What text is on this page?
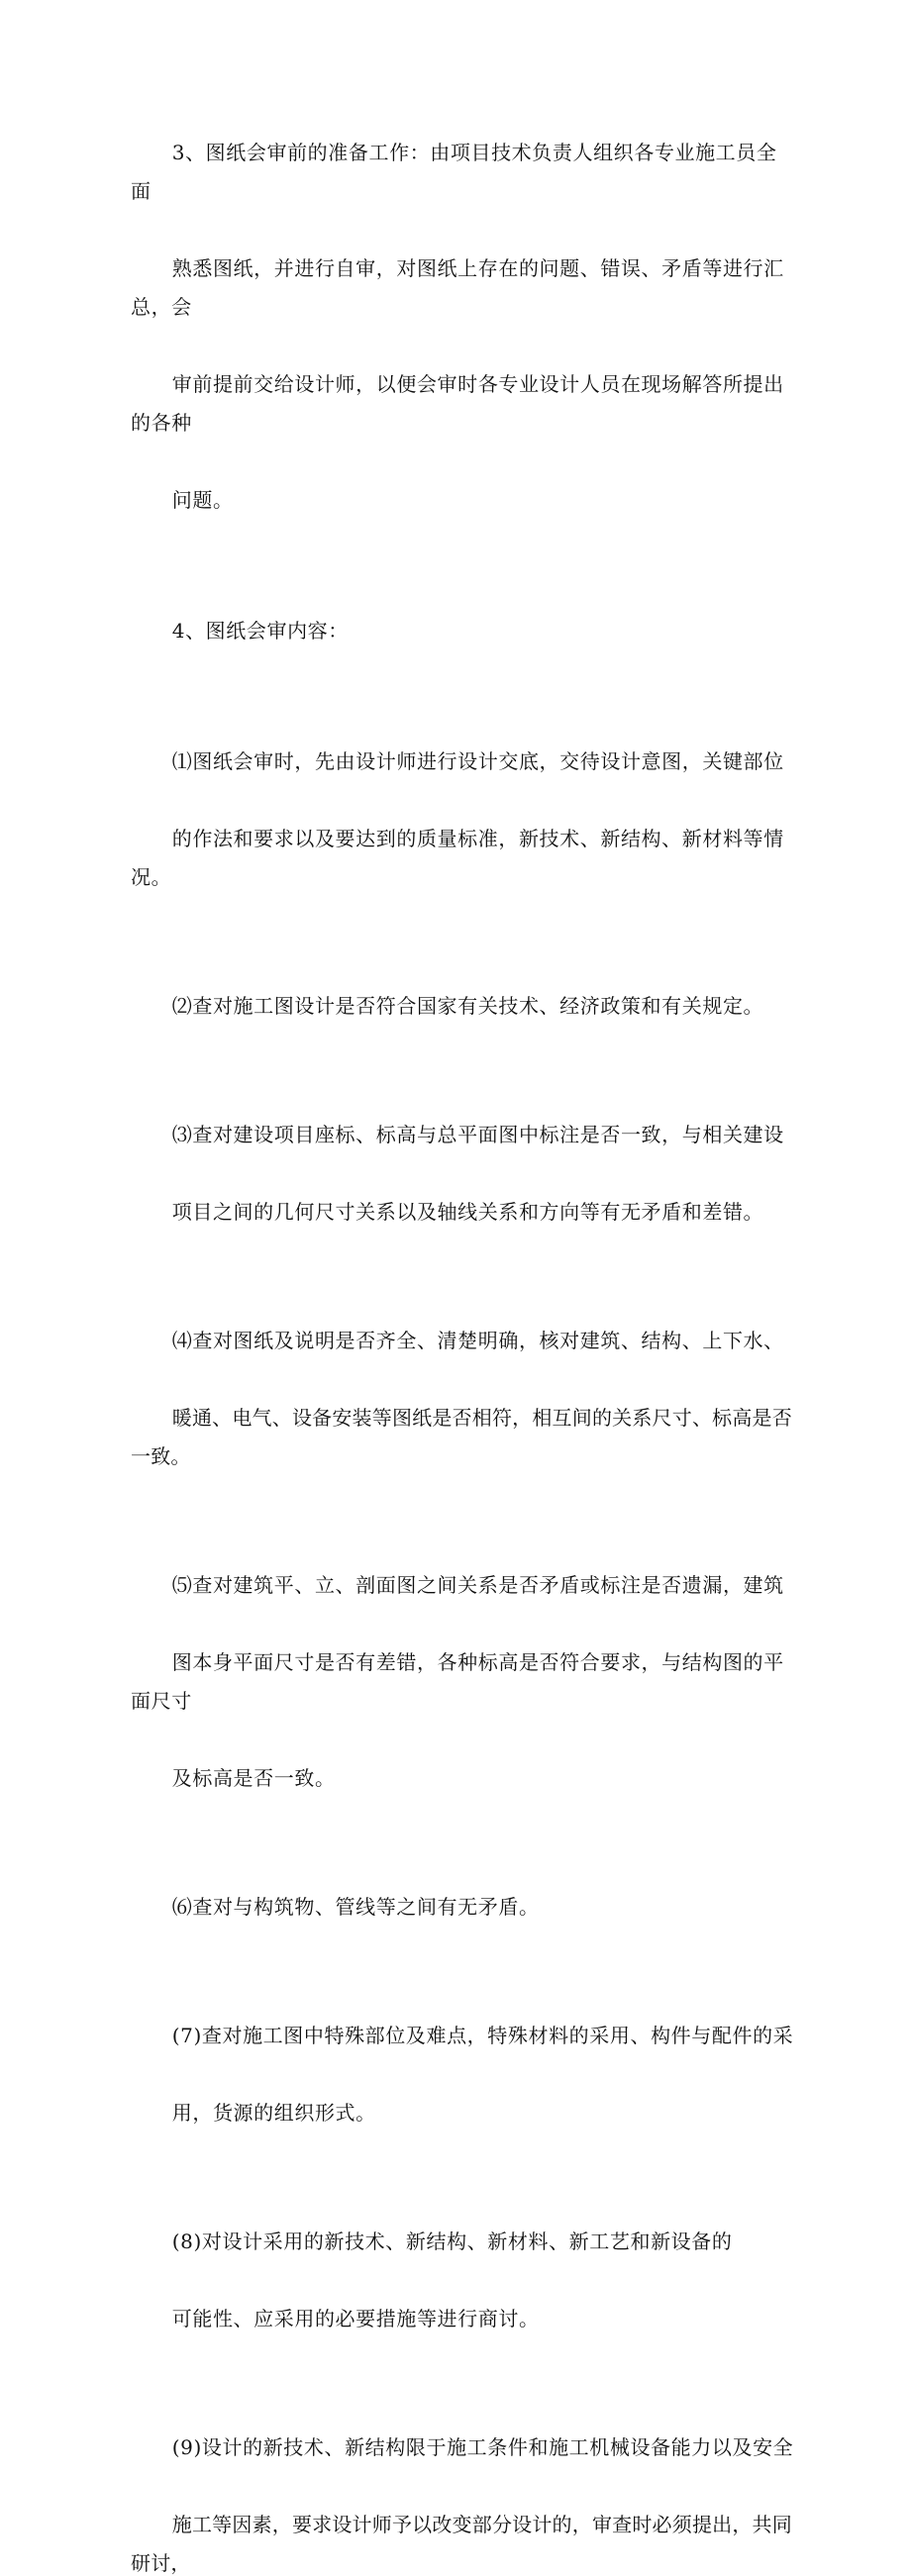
3、图纸会审前的准备工作：由项目技术负责人组织各专业施工员全面

熟悉图纸，并进行自审，对图纸上存在的问题、错误、矛盾等进行汇总，会

审前提前交给设计师，以便会审时各专业设计人员在现场解答所提出的各种

问题。

4、图纸会审内容：

⑴图纸会审时，先由设计师进行设计交底，交待设计意图，关键部位

的作法和要求以及要达到的质量标准，新技术、新结构、新材料等情况。

⑵查对施工图设计是否符合国家有关技术、经济政策和有关规定。

⑶查对建设项目座标、标高与总平面图中标注是否一致，与相关建设

项目之间的几何尺寸关系以及轴线关系和方向等有无矛盾和差错。

⑷查对图纸及说明是否齐全、清楚明确，核对建筑、结构、上下水、

暖通、电气、设备安装等图纸是否相符，相互间的关系尺寸、标高是否一致。

⑸查对建筑平、立、剖面图之间关系是否矛盾或标注是否遗漏，建筑

图本身平面尺寸是否有差错，各种标高是否符合要求，与结构图的平面尺寸

及标高是否一致。

⑹查对与构筑物、管线等之间有无矛盾。

(7)查对施工图中特殊部位及难点，特殊材料的采用、构件与配件的采

用，货源的组织形式。

(8)对设计采用的新技术、新结构、新材料、新工艺和新设备的

可能性、应采用的必要措施等进行商讨。

(9)设计的新技术、新结构限于施工条件和施工机械设备能力以及安全

施工等因素，要求设计师予以改变部分设计的，审查时必须提出，共同研讨，
